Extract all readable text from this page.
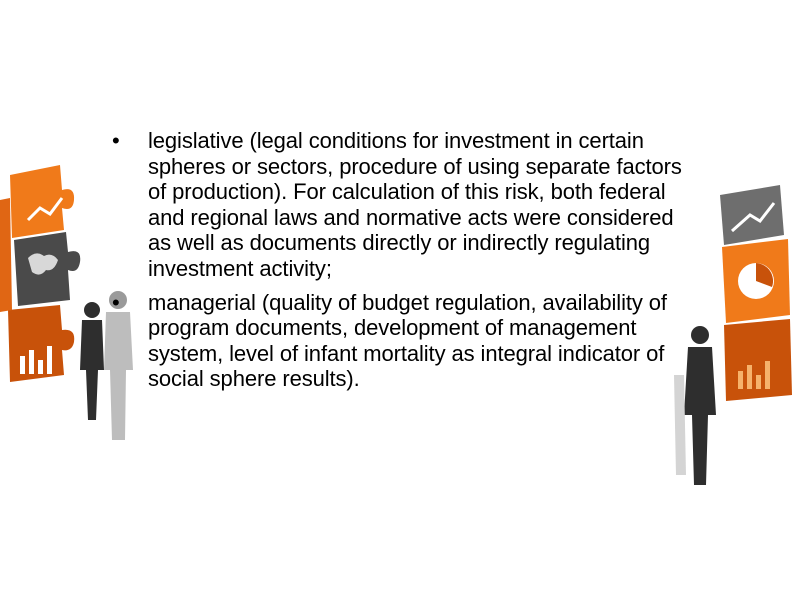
• legislative (legal conditions for investment in certain spheres or sectors, procedure of using separate factors of production). For calculation of this risk, both federal and regional laws and normative acts were considered as well as documents directly or indirectly regulating investment activity;
• managerial (quality of budget regulation, availability of program documents, development of management system, level of infant mortality as integral indicator of social sphere results).
